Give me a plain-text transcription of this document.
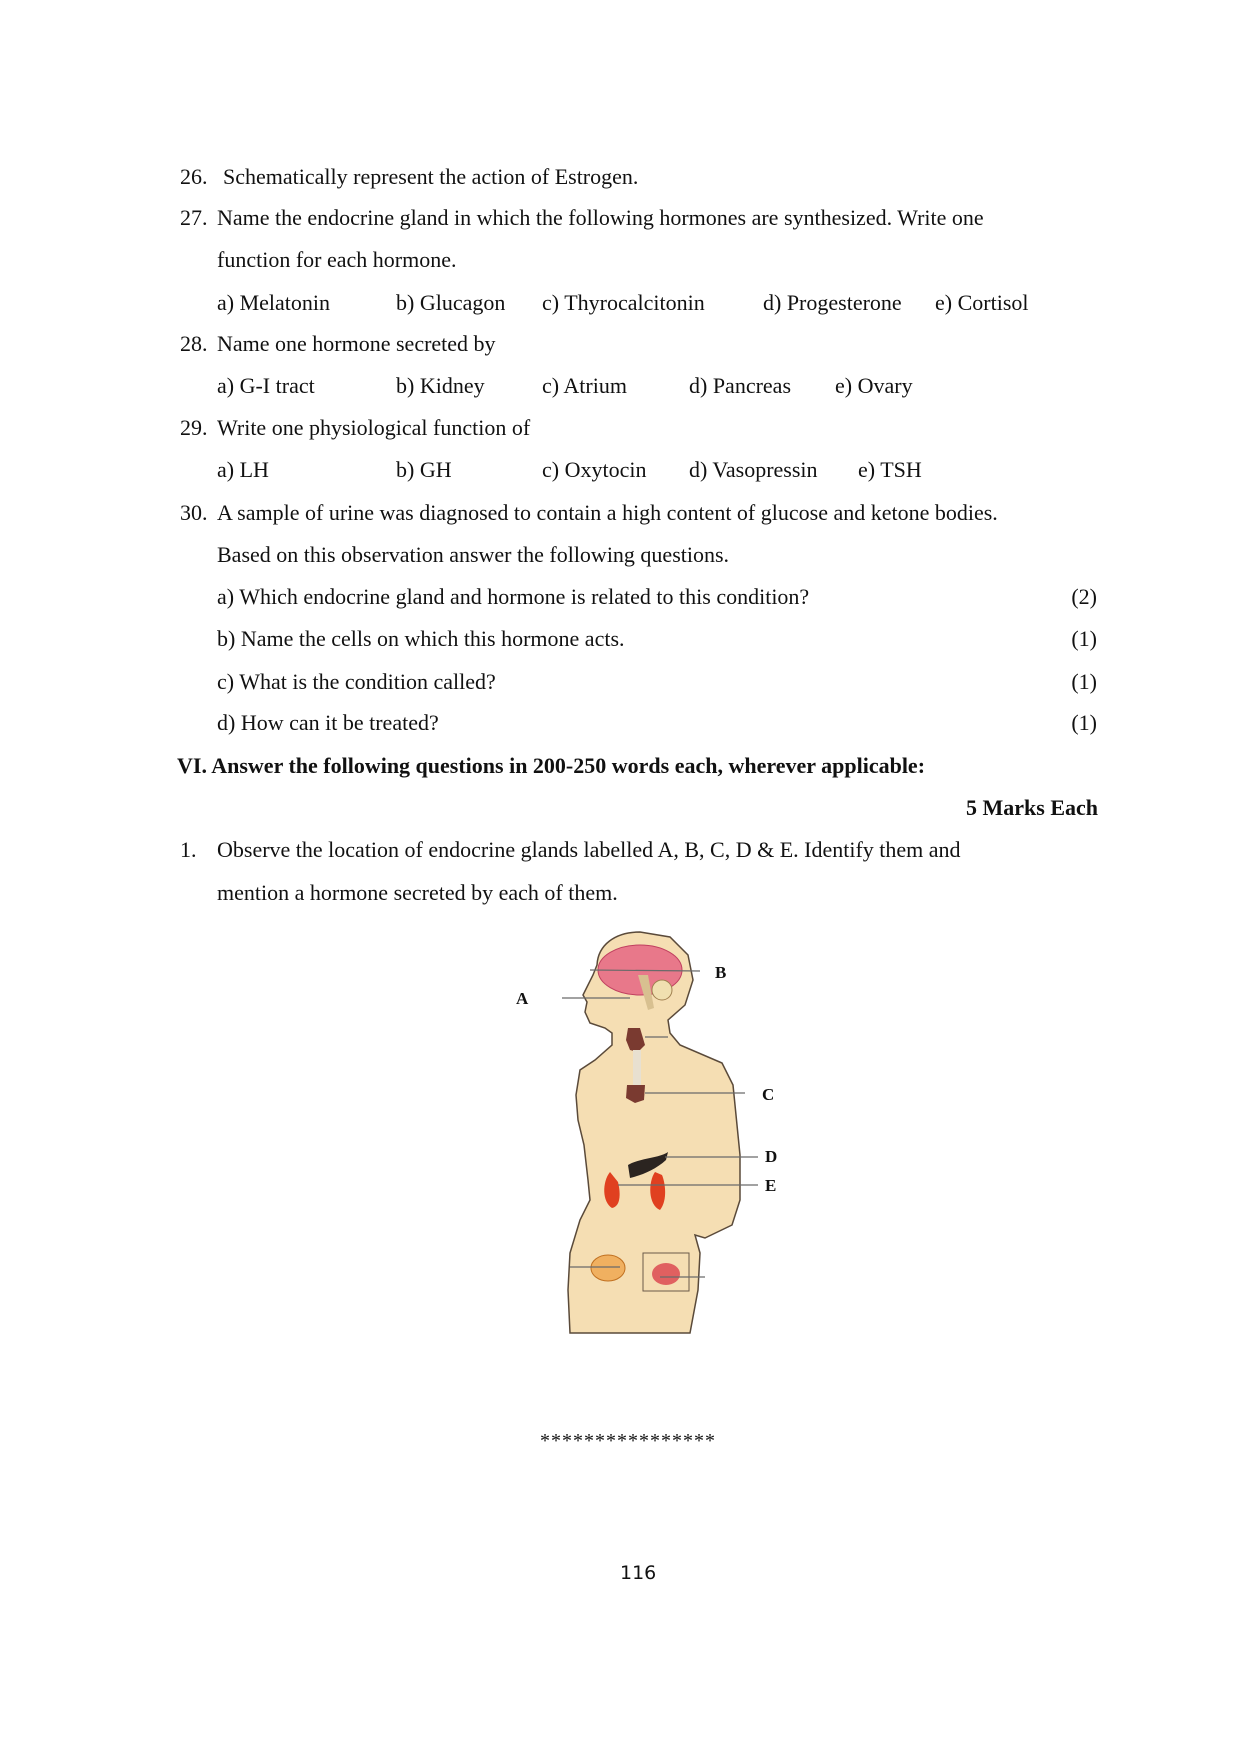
26. Schematically represent the action of Estrogen.
27. Name the endocrine gland in which the following hormones are synthesized. Write one
function for each hormone.
a) Melatonin	b) Glucagon c) Thyrocalcitonin	d) Progesterone e) Cortisol
28. Name one hormone secreted by
a) G-I tract	b) Kidney	c) Atrium	d) Pancreas e) Ovary
29. Write one physiological function of
a) LH	b) GH	c) Oxytocin d) Vasopressin e) TSH
30. A sample of urine was diagnosed to contain a high content of glucose and ketone bodies.
Based on this observation answer the following questions.
a) Which endocrine gland and hormone is related to this condition?	(2)
b) Name the cells on which this hormone acts.	(1)
c) What is the condition called?	(1)
d) How can it be treated?	(1)
VI. Answer the following questions in 200-250 words each, wherever applicable:
5 Marks Each
1. Observe the location of endocrine glands labelled A, B, C, D & E. Identify them and
mention a hormone secreted by each of them.
A
B
C
D
E
****************
116
